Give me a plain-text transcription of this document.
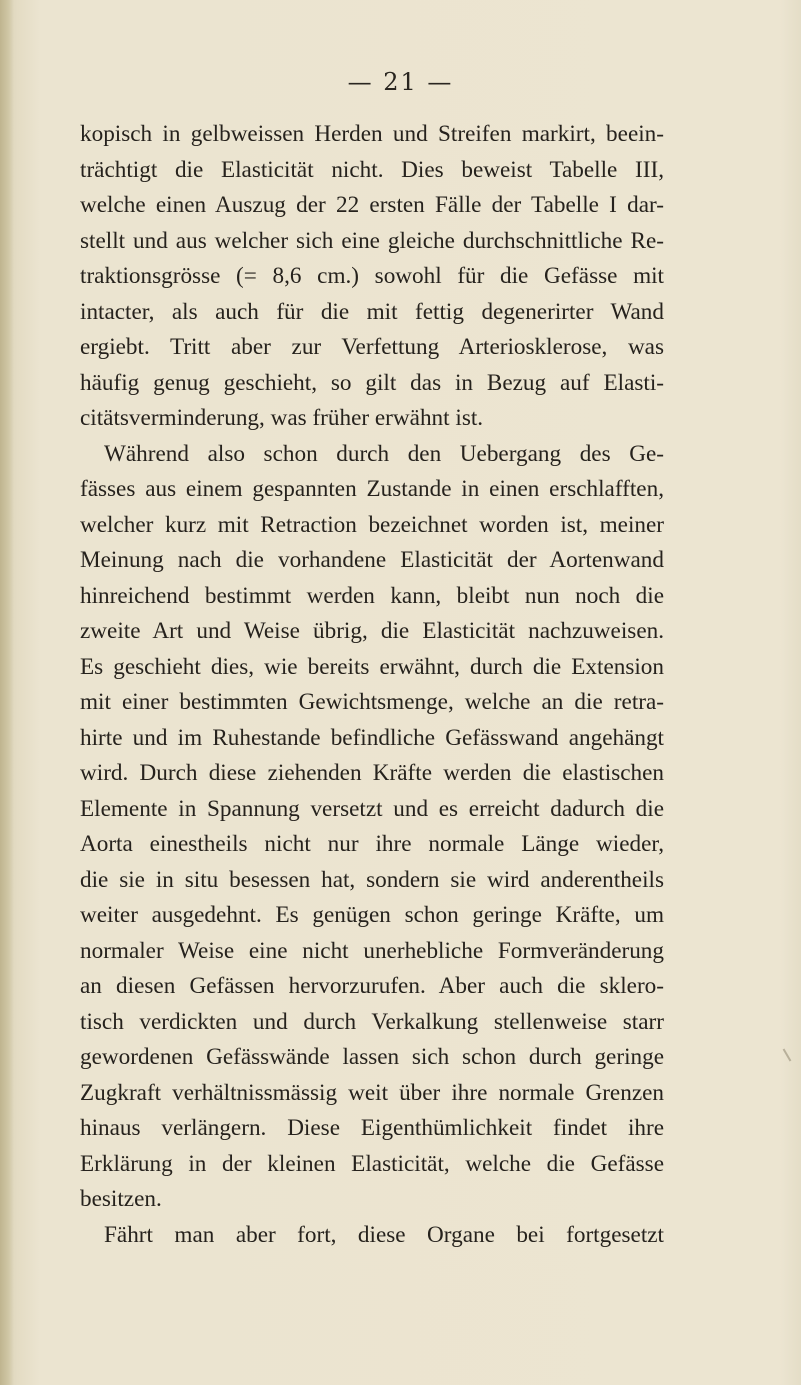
— 21 —
kopisch in gelbweissen Herden und Streifen markirt, beein-
trächtigt die Elasticität nicht. Dies beweist Tabelle III,
welche einen Auszug der 22 ersten Fälle der Tabelle I dar-
stellt und aus welcher sich eine gleiche durchschnittliche Re-
traktionsgrösse (= 8,6 cm.) sowohl für die Gefässe mit
intacter, als auch für die mit fettig degenerirter Wand
ergiebt. Tritt aber zur Verfettung Arteriosklerose, was
häufig genug geschieht, so gilt das in Bezug auf Elasti-
citätsverminderung, was früher erwähnt ist.
Während also schon durch den Uebergang des Ge-
fässes aus einem gespannten Zustande in einen erschlafften,
welcher kurz mit Retraction bezeichnet worden ist, meiner
Meinung nach die vorhandene Elasticität der Aortenwand
hinreichend bestimmt werden kann, bleibt nun noch die
zweite Art und Weise übrig, die Elasticität nachzuweisen.
Es geschieht dies, wie bereits erwähnt, durch die Extension
mit einer bestimmten Gewichtsmenge, welche an die retra-
hirte und im Ruhestande befindliche Gefässwand angehängt
wird. Durch diese ziehenden Kräfte werden die elastischen
Elemente in Spannung versetzt und es erreicht dadurch die
Aorta einestheils nicht nur ihre normale Länge wieder,
die sie in situ besessen hat, sondern sie wird anderentheils
weiter ausgedehnt. Es genügen schon geringe Kräfte, um
normaler Weise eine nicht unerhebliche Formveränderung
an diesen Gefässen hervorzurufen. Aber auch die sklero-
tisch verdickten und durch Verkalkung stellenweise starr
gewordenen Gefässwände lassen sich schon durch geringe
Zugkraft verhältnissmässig weit über ihre normale Grenzen
hinaus verlängern. Diese Eigenthümlichkeit findet ihre
Erklärung in der kleinen Elasticität, welche die Gefässe
besitzen.
Fährt man aber fort, diese Organe bei fortgesetzt
